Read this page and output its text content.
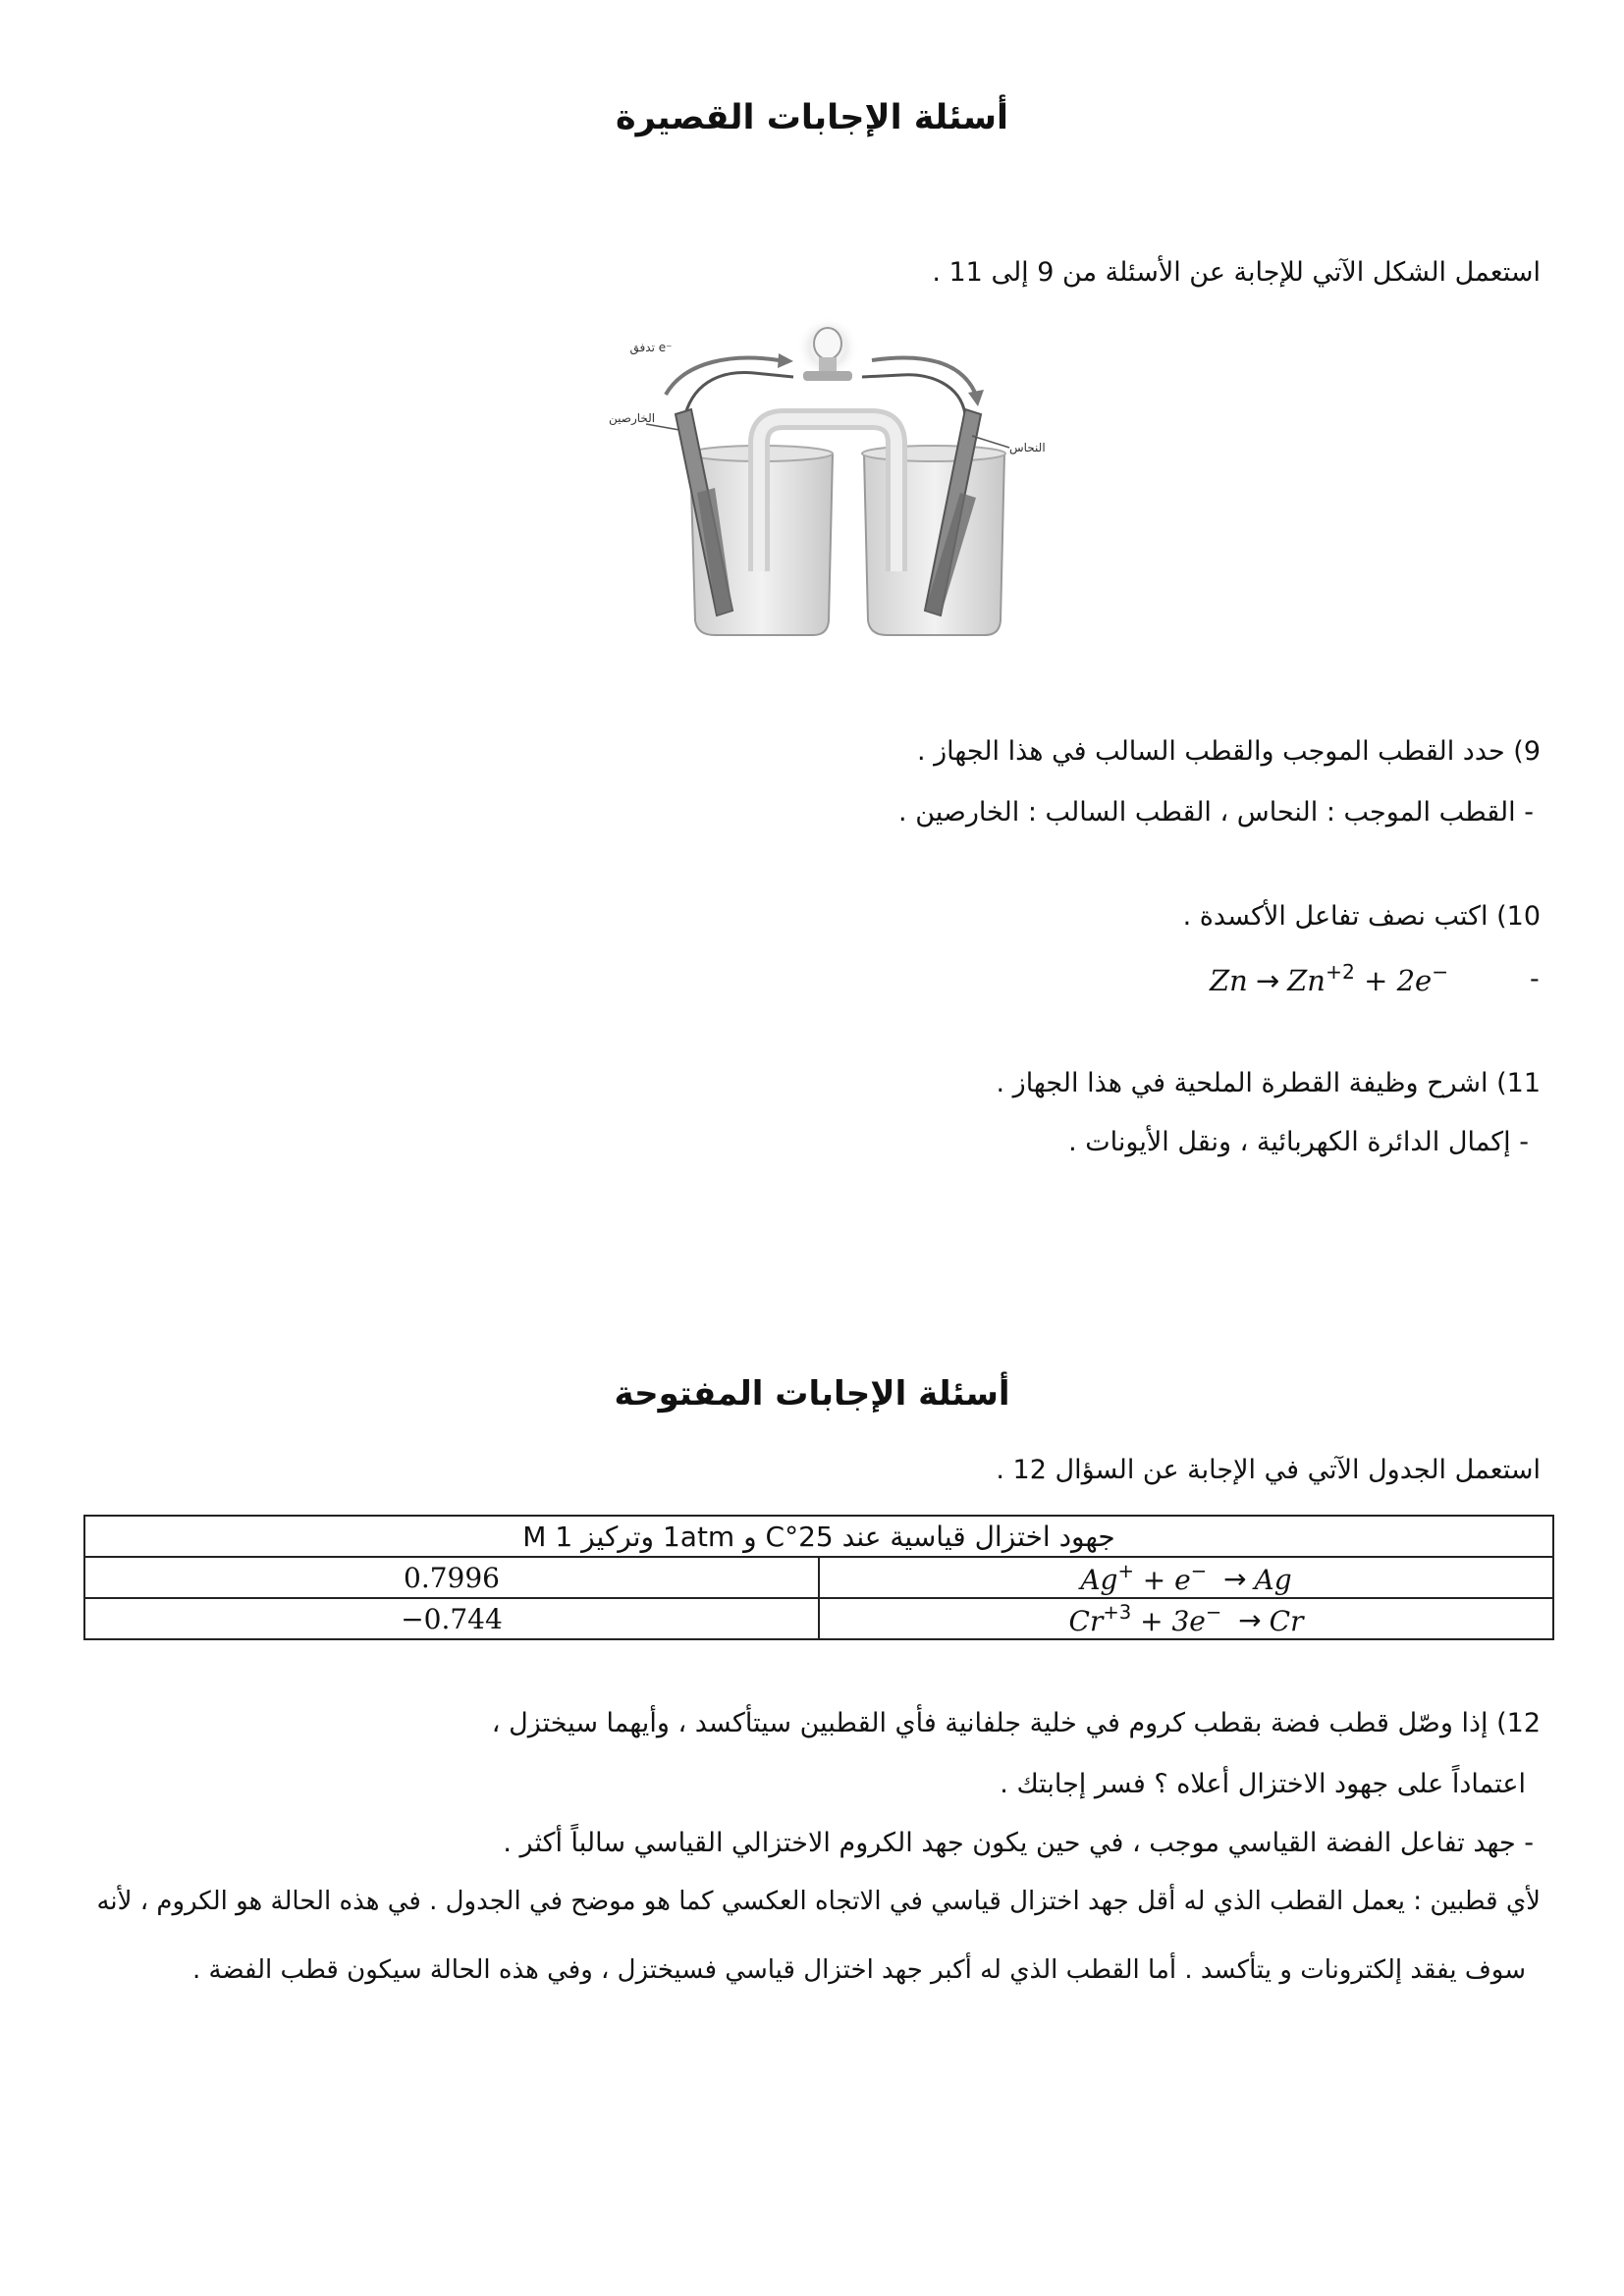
أسئلة الإجابات القصيرة
استعمل الشكل الآتي للإجابة عن الأسئلة من 9 إلى 11 .
تدفق e⁻
الخارصين
النحاس
9) حدد القطب الموجب والقطب السالب في هذا الجهاز .
- القطب الموجب : النحاس ، القطب السالب : الخارصين .
10) اكتب نصف تفاعل الأكسدة .
$Zn \to Zn^{+2} + 2e^-$	-
11) اشرح وظيفة القطرة الملحية في هذا الجهاز .
- إكمال الدائرة الكهربائية ، ونقل الأيونات .
أسئلة الإجابات المفتوحة
استعمل الجدول الآتي في الإجابة عن السؤال 12 .
جهود اختزال قياسية عند 25°C و 1atm وتركيز 1 M	
0.7996	Ag+ + e− → Ag
−0.744	$Cr^{+3} + 3e^- \to Cr$
12) إذا وصّل قطب فضة بقطب كروم في خلية جلفانية فأي القطبين سيتأكسد ، وأيهما سيختزل ،
اعتماداً على جهود الاختزال أعلاه ؟ فسر إجابتك .
- جهد تفاعل الفضة القياسي موجب ، في حين يكون جهد الكروم الاختزالي القياسي سالباً أكثر .
لأي قطبين : يعمل القطب الذي له أقل جهد اختزال قياسي في الاتجاه العكسي كما هو موضح في الجدول . في هذه الحالة هو الكروم ، لأنه
سوف يفقد إلكترونات و يتأكسد . أما القطب الذي له أكبر جهد اختزال قياسي فسيختزل ، وفي هذه الحالة سيكون قطب الفضة .
